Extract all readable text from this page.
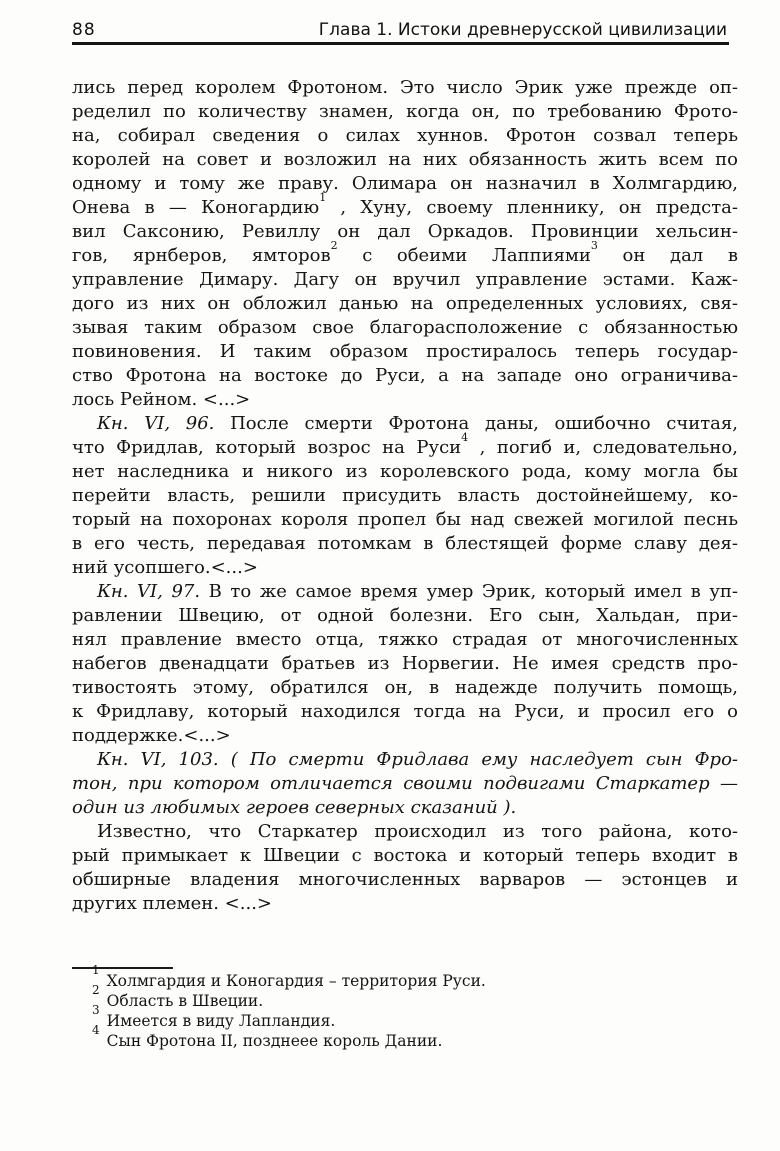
88	Глава 1. Истоки древнерусской цивилизации
лись перед королем Фротоном. Это число Эрик уже прежде оп-
ределил по количеству знамен, когда он, по требованию Фрото-
на, собирал сведения о силах хуннов. Фротон созвал теперь
королей на совет и возложил на них обязанность жить всем по
одному и тому же праву. Олимара он назначил в Холмгардию,
Онева в — Коногардию$^1$ , Хуну, своему пленнику, он предста-
вил Саксонию, Ревиллу он дал Оркадов. Провинции хельсин-
гов, ярнберов, ямторов$^2$ с обеими Лаппиями$^3$ он дал в
управление Димару. Дагу он вручил управление эстами. Каж-
дого из них он обложил данью на определенных условиях, свя-
зывая таким образом свое благорасположение с обязанностью
повиновения. И таким образом простиралось теперь государ-
ство Фротона на востоке до Руси, а на западе оно ограничива-
лось Рейном. <...>
Кн. VI, 96. После смерти Фротона даны, ошибочно считая,
что Фридлав, который возрос на Руси$^4$ , погиб и, следовательно,
нет наследника и никого из королевского рода, кому могла бы
перейти власть, решили присудить власть достойнейшему, ко-
торый на похоронах короля пропел бы над свежей могилой песнь
в его честь, передавая потомкам в блестящей форме славу дея-
ний усопшего.<...>
Кн. VI, 97. В то же самое время умер Эрик, который имел в уп-
равлении Швецию, от одной болезни. Его сын, Хальдан, при-
нял правление вместо отца, тяжко страдая от многочисленных
набегов двенадцати братьев из Норвегии. Не имея средств про-
тивостоять этому, обратился он, в надежде получить помощь,
к Фридлаву, который находился тогда на Руси, и просил его о
поддержке.<...>
Кн. VI, 103. ( По смерти Фридлава ему наследует сын Фро-
тон, при котором отличается своими подвигами Старкатер —
один из любимых героев северных сказаний ).
Известно, что Старкатер происходил из того района, кото-
рый примыкает к Швеции с востока и который теперь входит в
обширные владения многочисленных варваров — эстонцев и
других племен. <...>
$^1$Холмгардия и Коногардия – территория Руси.
$^2$Область в Швеции.
$^3$Имеется в виду Лапландия.
$^4$Сын Фротона II, позднеее король Дании.
